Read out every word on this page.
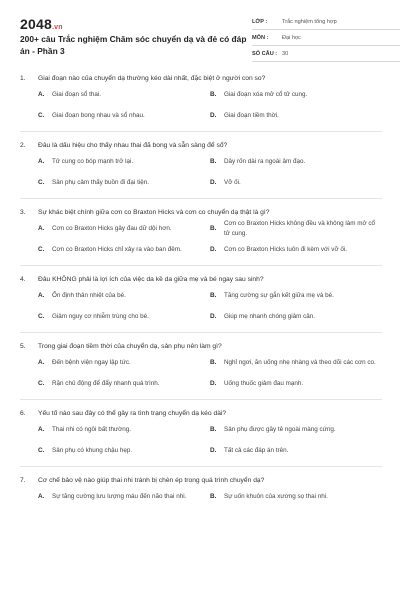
2048.vn
200+ câu Trắc nghiệm Chăm sóc chuyển dạ và đẻ có đáp án - Phần 3
LỚP :	Trắc nghiệm tổng hợp
MÔN :	Đại học
SỐ CÂU : 30
1.	Giai đoạn nào của chuyển dạ thường kéo dài nhất, đặc biệt ở người con so?
A.	Giai đoạn sổ thai.	B.	Giai đoạn xóa mở cổ tử cung.
C.	Giai đoạn bong nhau và sổ nhau.	D.	Giai đoạn tiềm thời.
2.	Đâu là dấu hiệu cho thấy nhau thai đã bong và sẵn sàng để sổ?
A.	Tử cung co bóp mạnh trở lại.	B.	Dây rốn dài ra ngoài âm đạo.
C.	Sản phụ cảm thấy buồn đi đại tiện.	D.	Vỡ ối.
3.	Sự khác biệt chính giữa cơn co Braxton Hicks và cơn co chuyển dạ thật là gì?
A.	Cơn co Braxton Hicks gây đau dữ dội hơn.	B.
Cơn co Braxton Hicks không đều và không làm mở cổ tử cung.
C.	Cơn co Braxton Hicks chỉ xảy ra vào ban đêm.	D.	Cơn co Braxton Hicks luôn đi kèm với vỡ ối.
4.	Đâu KHÔNG phải là lợi ích của việc da kề da giữa mẹ và bé ngay sau sinh?
A.	Ổn định thân nhiệt của bé.	B.	Tăng cường sự gắn kết giữa mẹ và bé.
C.	Giảm nguy cơ nhiễm trùng cho bé.	D.	Giúp mẹ nhanh chóng giảm cân.
5.	Trong giai đoạn tiềm thời của chuyển dạ, sản phụ nên làm gì?
A.	Đến bệnh viện ngay lập tức.	B.	Nghỉ ngơi, ăn uống nhẹ nhàng và theo dõi các cơn co.
C.	Rặn chủ động để đẩy nhanh quá trình.	D.	Uống thuốc giảm đau mạnh.
6.	Yếu tố nào sau đây có thể gây ra tình trạng chuyển dạ kéo dài?
A.	Thai nhi có ngôi bất thường.	B.	Sản phụ được gây tê ngoài màng cứng.
C.	Sản phụ có khung chậu hẹp.	D.	Tất cả các đáp án trên.
7.	Cơ chế bảo vệ nào giúp thai nhi tránh bị chèn ép trong quá trình chuyển dạ?
A.	Sự tăng cường lưu lượng máu đến não thai nhi.	B.	Sự uốn khuôn của xương sọ thai nhi.
